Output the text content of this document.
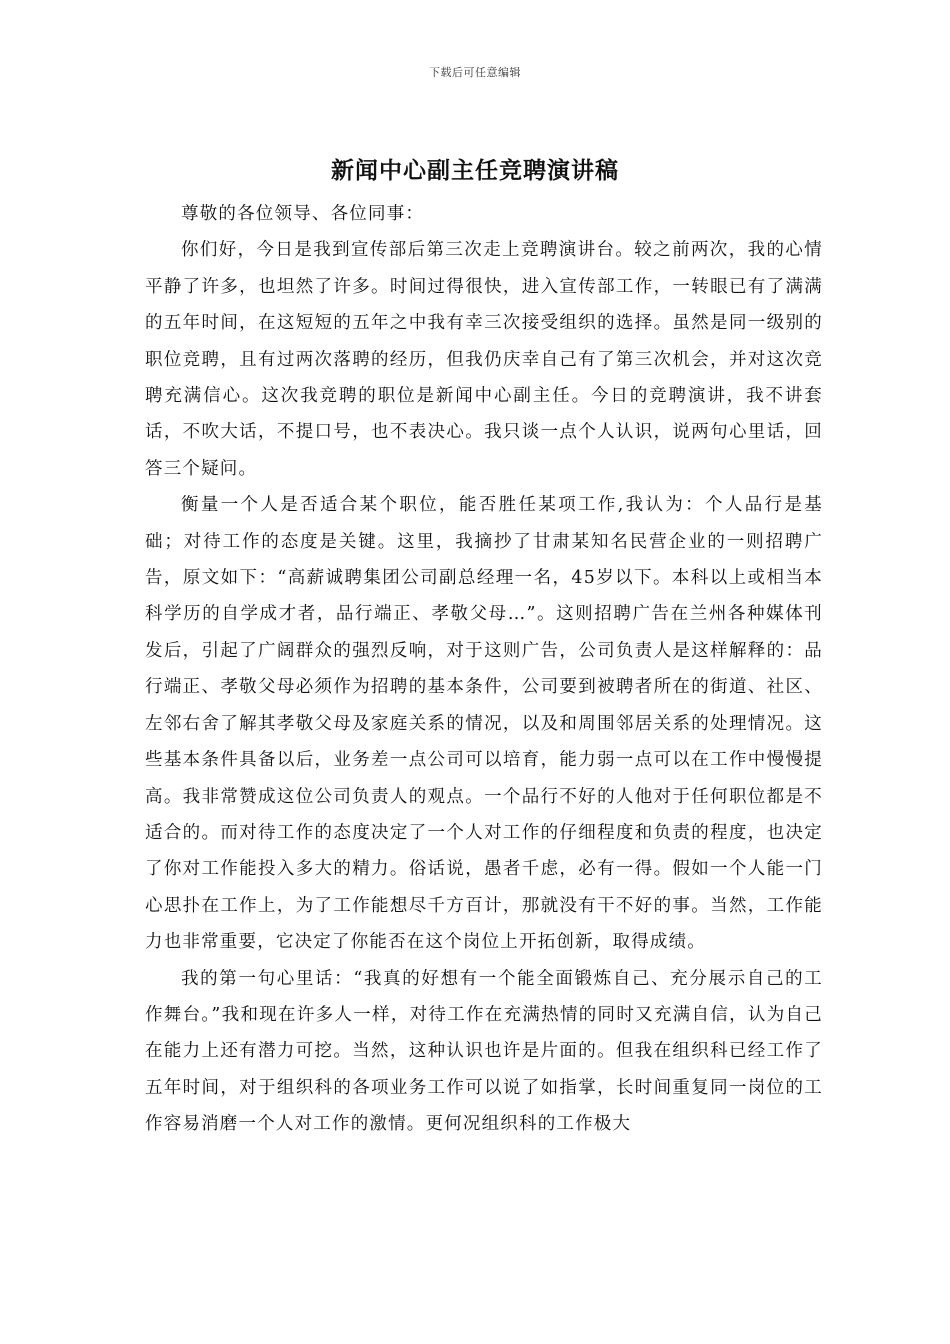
下载后可任意编辑
新闻中心副主任竞聘演讲稿

尊敬的各位领导、各位同事：

你们好，今日是我到宣传部后第三次走上竞聘演讲台。较之前两次，我的心情平静了许多，也坦然了许多。时间过得很快，进入宣传部工作，一转眼已有了满满的五年时间，在这短短的五年之中我有幸三次接受组织的选择。虽然是同一级别的职位竞聘，且有过两次落聘的经历，但我仍庆幸自己有了第三次机会，并对这次竞聘充满信心。这次我竞聘的职位是新闻中心副主任。今日的竞聘演讲，我不讲套话，不吹大话，不提口号，也不表决心。我只谈一点个人认识，说两句心里话，回答三个疑问。

衡量一个人是否适合某个职位，能否胜任某项工作,我认为：个人品行是基础；对待工作的态度是关键。这里，我摘抄了甘肃某知名民营企业的一则招聘广告，原文如下：“高薪诚聘集团公司副总经理一名，45岁以下。本科以上或相当本科学历的自学成才者，品行端正、孝敬父母…”。这则招聘广告在兰州各种媒体刊发后，引起了广阔群众的强烈反响，对于这则广告，公司负责人是这样解释的：品行端正、孝敬父母必须作为招聘的基本条件，公司要到被聘者所在的街道、社区、左邻右舍了解其孝敬父母及家庭关系的情况，以及和周围邻居关系的处理情况。这些基本条件具备以后，业务差一点公司可以培育，能力弱一点可以在工作中慢慢提高。我非常赞成这位公司负责人的观点。一个品行不好的人他对于任何职位都是不适合的。而对待工作的态度决定了一个人对工作的仔细程度和负责的程度，也决定了你对工作能投入多大的精力。俗话说，愚者千虑，必有一得。假如一个人能一门心思扑在工作上，为了工作能想尽千方百计，那就没有干不好的事。当然，工作能力也非常重要，它决定了你能否在这个岗位上开拓创新，取得成绩。

我的第一句心里话：“我真的好想有一个能全面锻炼自己、充分展示自己的工作舞台。”我和现在许多人一样，对待工作在充满热情的同时又充满自信，认为自己在能力上还有潜力可挖。当然，这种认识也许是片面的。但我在组织科已经工作了五年时间，对于组织科的各项业务工作可以说了如指掌，长时间重复同一岗位的工作容易消磨一个人对工作的激情。更何况组织科的工作极大
